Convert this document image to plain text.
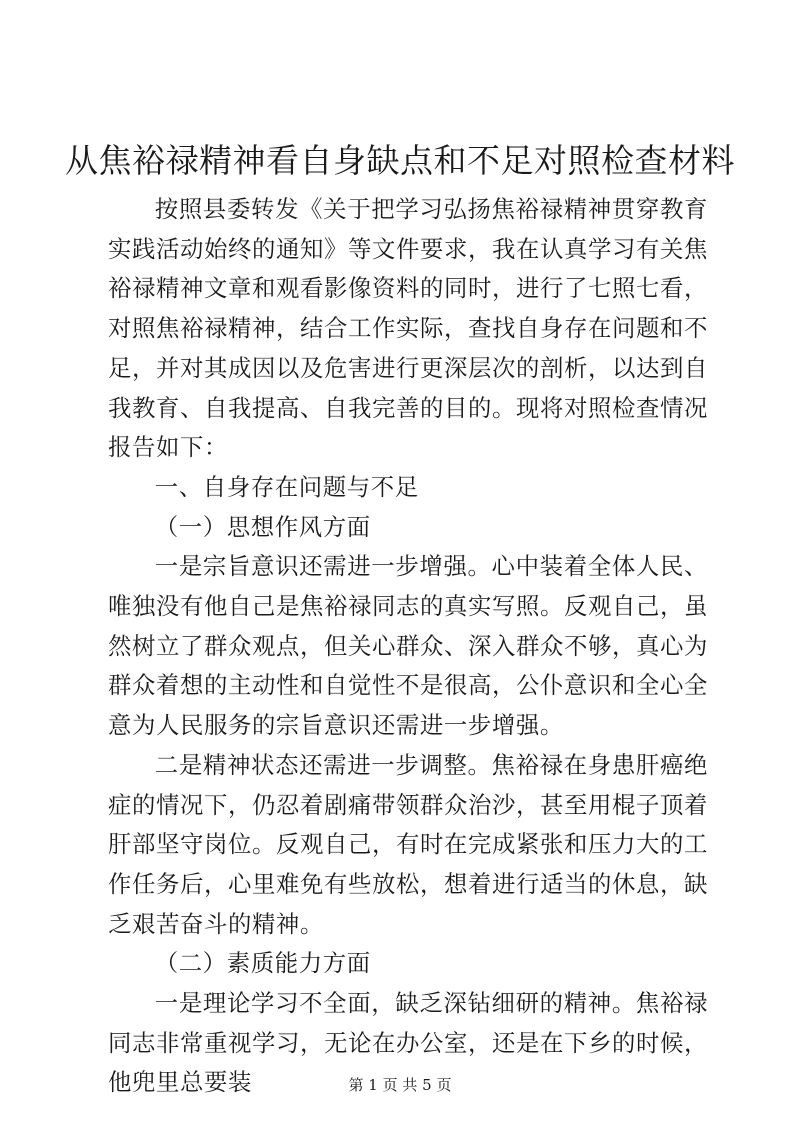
从焦裕禄精神看自身缺点和不足对照检查材料

按照县委转发《关于把学习弘扬焦裕禄精神贯穿教育实践活动始终的通知》等文件要求，我在认真学习有关焦裕禄精神文章和观看影像资料的同时，进行了七照七看，对照焦裕禄精神，结合工作实际，查找自身存在问题和不足，并对其成因以及危害进行更深层次的剖析，以达到自我教育、自我提高、自我完善的目的。现将对照检查情况报告如下：

一、自身存在问题与不足

（一）思想作风方面

一是宗旨意识还需进一步增强。心中装着全体人民、唯独没有他自己是焦裕禄同志的真实写照。反观自己，虽然树立了群众观点，但关心群众、深入群众不够，真心为群众着想的主动性和自觉性不是很高，公仆意识和全心全意为人民服务的宗旨意识还需进一步增强。

二是精神状态还需进一步调整。焦裕禄在身患肝癌绝症的情况下，仍忍着剧痛带领群众治沙，甚至用棍子顶着肝部坚守岗位。反观自己，有时在完成紧张和压力大的工作任务后，心里难免有些放松，想着进行适当的休息，缺乏艰苦奋斗的精神。

（二）素质能力方面

一是理论学习不全面，缺乏深钻细研的精神。焦裕禄同志非常重视学习，无论在办公室，还是在下乡的时候，他兜里总要装	第 1 页 共 5 页
